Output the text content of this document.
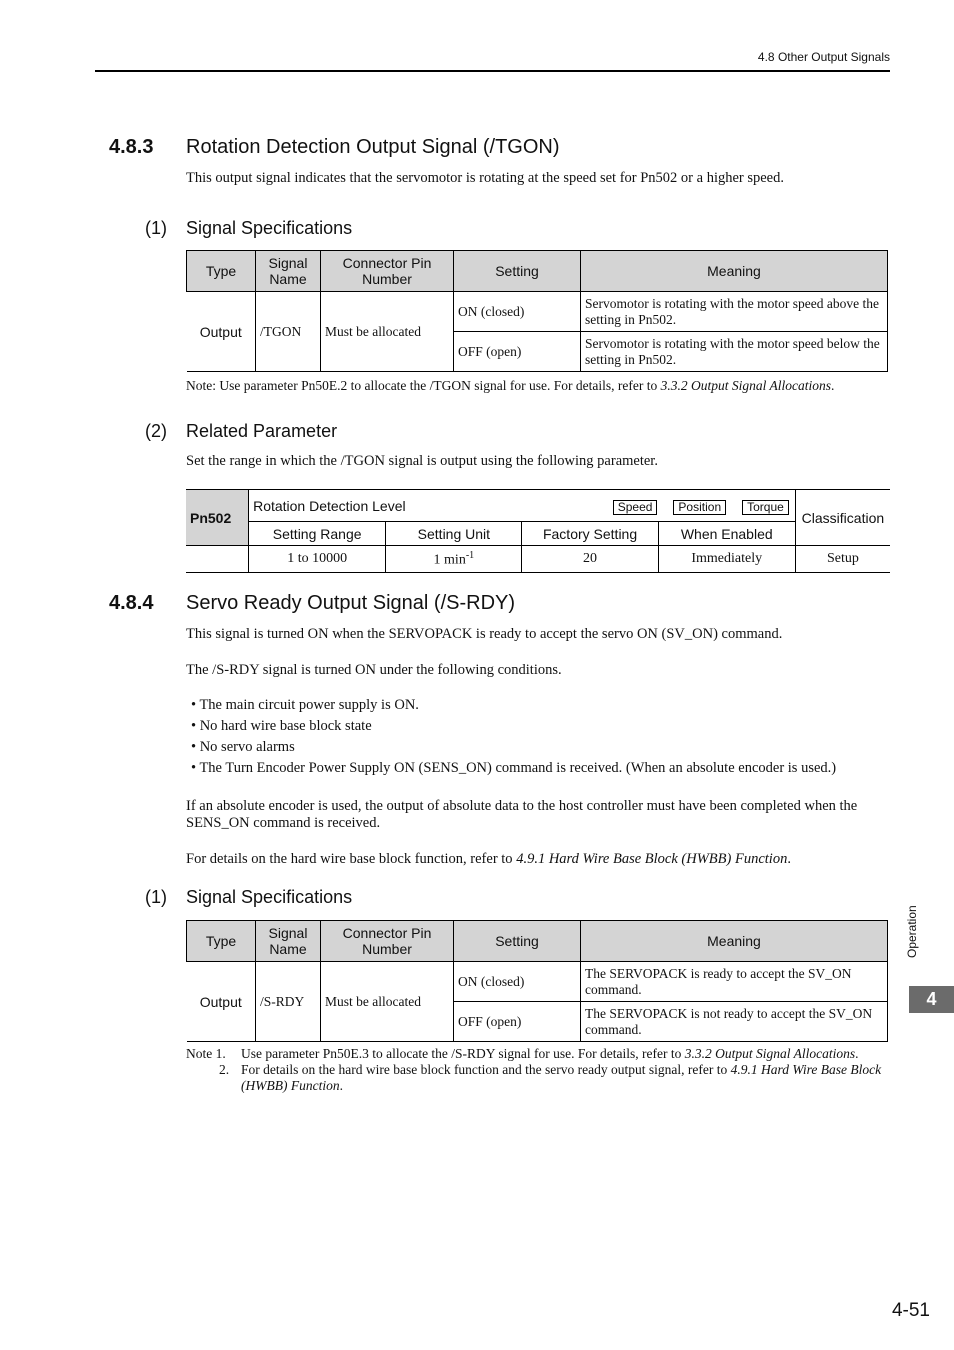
4.8 Other Output Signals
4.8.3 Rotation Detection Output Signal (/TGON)
This output signal indicates that the servomotor is rotating at the speed set for Pn502 or a higher speed.
(1) Signal Specifications
Type	Signal Name	Connector Pin Number	Setting	Meaning
Output	/TGON	Must be allocated	ON (closed)	Servomotor is rotating with the motor speed above the setting in Pn502.
			OFF (open)	Servomotor is rotating with the motor speed below the setting in Pn502.
Note: Use parameter Pn50E.2 to allocate the /TGON signal for use. For details, refer to 3.3.2 Output Signal Allocations.
(2) Related Parameter
Set the range in which the /TGON signal is output using the following parameter.
Pn502	Rotation Detection Level Speed Position Torque				Classification
	Setting Range	Setting Unit	Factory Setting	When Enabled	
	1 to 10000	1 $\min^{-1}$	20	Immediately	Setup
4.8.4 Servo Ready Output Signal (/S-RDY)
This signal is turned ON when the SERVOPACK is ready to accept the servo ON (SV_ON) command.
The /S-RDY signal is turned ON under the following conditions.
• The main circuit power supply is ON.
• No hard wire base block state
• No servo alarms
• The Turn Encoder Power Supply ON (SENS_ON) command is received. (When an absolute encoder is used.)
If an absolute encoder is used, the output of absolute data to the host controller must have been completed when the SENS_ON command is received.
For details on the hard wire base block function, refer to 4.9.1 Hard Wire Base Block (HWBB) Function.
(1) Signal Specifications
Type	Signal Name	Connector Pin Number	Setting	Meaning
Output	/S-RDY	Must be allocated	ON (closed)	The SERVOPACK is ready to accept the SV_ON command.
			OFF (open)	The SERVOPACK is not ready to accept the SV_ON command.
Note 1. Use parameter Pn50E.3 to allocate the /S-RDY signal for use. For details, refer to 3.3.2 Output Signal Allocations.
2. For details on the hard wire base block function and the servo ready output signal, refer to 4.9.1 Hard Wire Base Block (HWBB) Function.
Operation
4
4-51
